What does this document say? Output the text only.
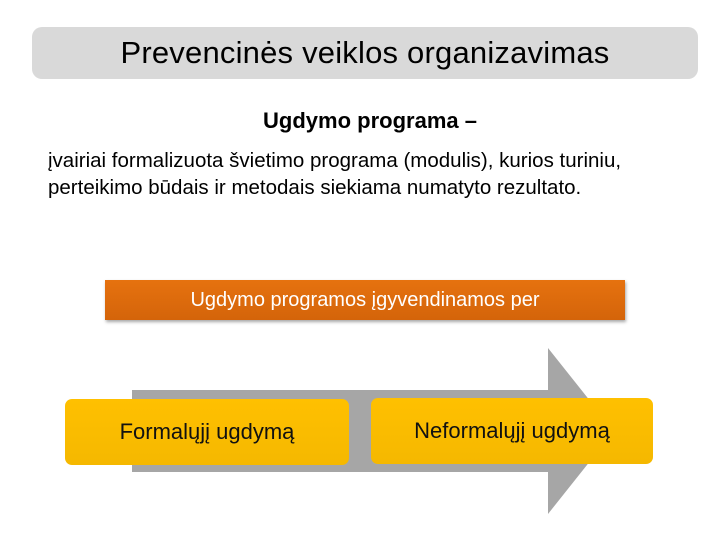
Prevencinės veiklos organizavimas
Ugdymo programa –
įvairiai formalizuota švietimo programa (modulis), kurios turiniu, perteikimo būdais ir metodais siekiama numatyto rezultato.
Ugdymo programos įgyvendinamos per
Formalųjį ugdymą	Neformalųjį ugdymą
